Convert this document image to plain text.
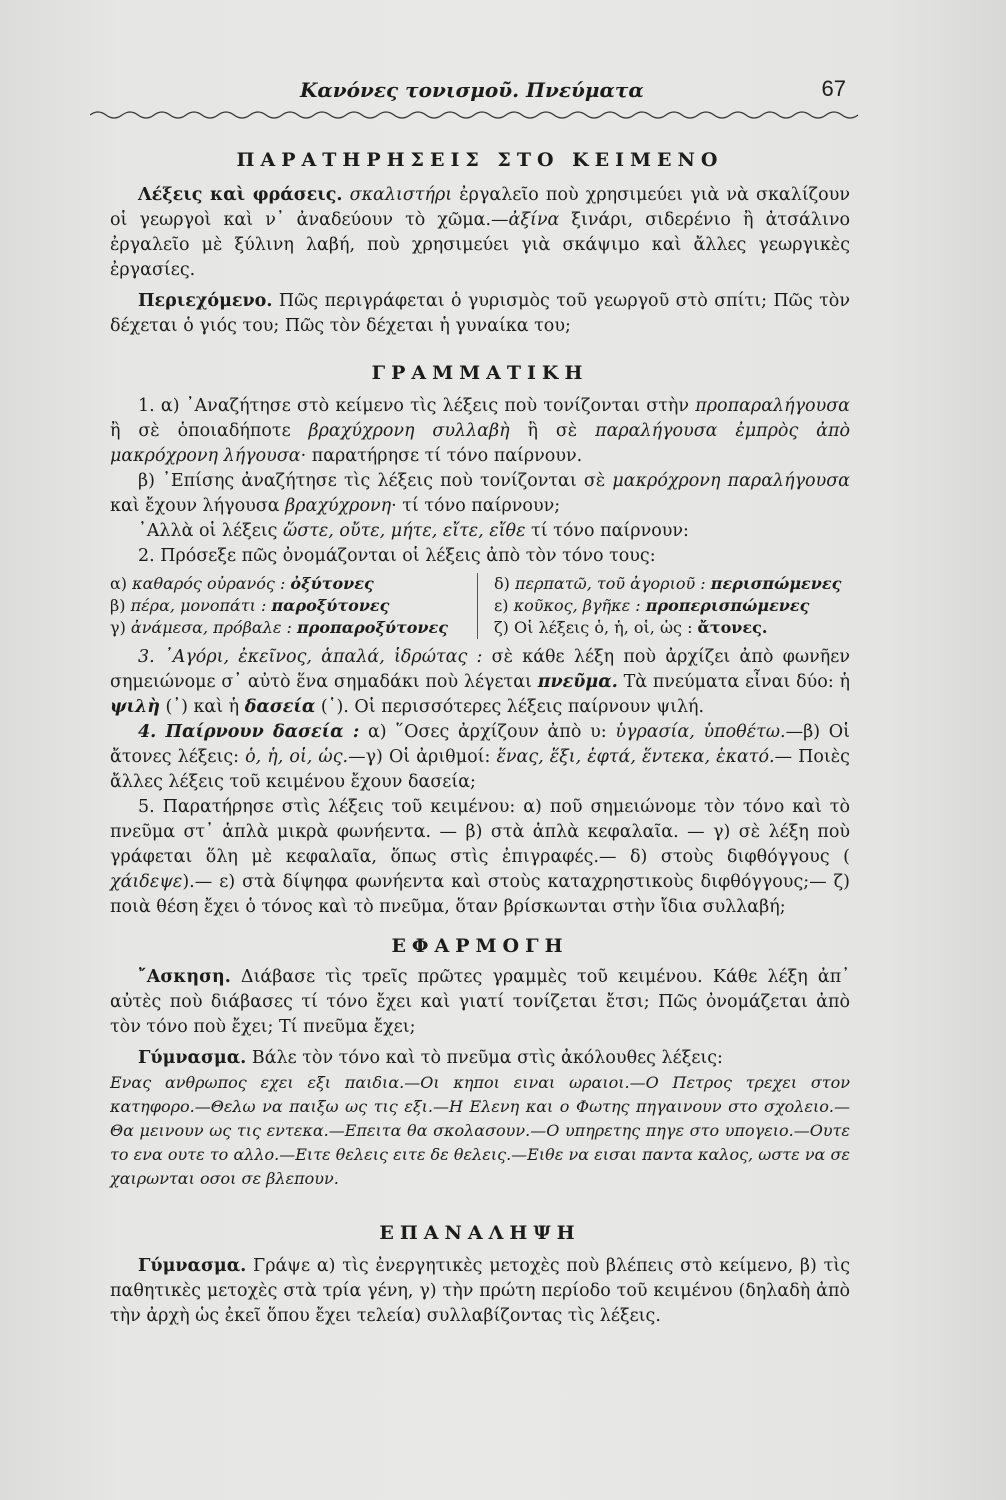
Κανόνες τονισμοῦ. Πνεύματα	67
ΠΑΡΑΤΗΡΗΣΕΙΣ ΣΤΟ ΚΕΙΜΕΝΟ

Λέξεις καὶ φράσεις. σκαλιστήρι ἐργαλεῖο ποὺ χρησιμεύει γιὰ νὰ σκαλίζουν οἱ γεωργοὶ καὶ ν᾽ ἀναδεύουν τὸ χῶμα.—ἀξίνα ξινάρι, σιδερένιο ἢ ἀτσάλινο ἐργαλεῖο μὲ ξύλινη λαβή, ποὺ χρησιμεύει γιὰ σκάψιμο καὶ ἄλλες γεωργικὲς ἐργασίες.

Περιεχόμενο. Πῶς περιγράφεται ὁ γυρισμὸς τοῦ γεωργοῦ στὸ σπίτι; Πῶς τὸν δέχεται ὁ γιός του; Πῶς τὸν δέχεται ἡ γυναίκα του;

ΓΡΑΜΜΑΤΙΚΗ

1. α) ᾽Αναζήτησε στὸ κείμενο τὶς λέξεις ποὺ τονίζονται στὴν προπαραλήγουσα ἢ σὲ ὁποιαδήποτε βραχύχρονη συλλαβὴ ἢ σὲ παραλήγουσα ἐμπρὸς ἀπὸ μακρόχρονη λήγουσα· παρατήρησε τί τόνο παίρνουν.

β) ᾽Επίσης ἀναζήτησε τὶς λέξεις ποὺ τονίζονται σὲ μακρόχρονη παραλήγουσα καὶ ἔχουν λήγουσα βραχύχρονη· τί τόνο παίρνουν;

᾽Αλλὰ οἱ λέξεις ὥστε, οὔτε, μήτε, εἴτε, εἴθε τί τόνο παίρνουν:

2. Πρόσεξε πῶς ὀνομάζονται οἱ λέξεις ἀπὸ τὸν τόνο τους:

α) καθαρός οὐρανός : ὀξύτονες
β) πέρα, μονοπάτι : παροξύτονες
γ) ἀνάμεσα, πρόβαλε : προπαροξύτονες
δ) περπατῶ, τοῦ ἀγοριοῦ : περισπώμενες
ε) κοῦκος, βγῆκε : προπερισπώμενες
ζ) Οἱ λέξεις ὁ, ἡ, οἱ, ὡς : ἄτονες.

3. ᾽Αγόρι, ἐκεῖνος, ἁπαλά, ἱδρώτας : σὲ κάθε λέξη ποὺ ἀρχίζει ἀπὸ φωνῆεν σημειώνομε σ᾽ αὐτὸ ἕνα σημαδάκι ποὺ λέγεται πνεῦμα. Τὰ πνεύματα εἶναι δύο: ἡ ψιλὴ (᾽) καὶ ἡ δασεία (῾). Οἱ περισσότερες λέξεις παίρνουν ψιλή.

4. Παίρνουν δασεία : α) ῞Οσες ἀρχίζουν ἀπὸ υ: ὑγρασία, ὑποθέτω.—β) Οἱ ἄτονες λέξεις: ὁ, ἡ, οἱ, ὡς.—γ) Οἱ ἀριθμοί: ἕνας, ἕξι, ἑφτά, ἕντεκα, ἑκατό.— Ποιὲς ἄλλες λέξεις τοῦ κειμένου ἔχουν δασεία;

5. Παρατήρησε στὶς λέξεις τοῦ κειμένου: α) ποῦ σημειώνομε τὸν τόνο καὶ τὸ πνεῦμα στ᾽ ἁπλὰ μικρὰ φωνήεντα. — β) στὰ ἁπλὰ κεφαλαῖα. — γ) σὲ λέξη ποὺ γράφεται ὅλη μὲ κεφαλαῖα, ὅπως στὶς ἐπιγραφές.— δ) στοὺς διφθόγγους ( χάιδεψε).— ε) στὰ δίψηφα φωνήεντα καὶ στοὺς καταχρηστικοὺς διφθόγγους;— ζ) ποιὰ θέση ἔχει ὁ τόνος καὶ τὸ πνεῦμα, ὅταν βρίσκωνται στὴν ἴδια συλλαβή;

ΕΦΑΡΜΟΓΗ

῎Ασκηση. Διάβασε τὶς τρεῖς πρῶτες γραμμὲς τοῦ κειμένου. Κάθε λέξη ἀπ᾽ αὐτὲς ποὺ διάβασες τί τόνο ἔχει καὶ γιατί τονίζεται ἔτσι; Πῶς ὀνομάζεται ἀπὸ τὸν τόνο ποὺ ἔχει; Τί πνεῦμα ἔχει;

Γύμνασμα. Βάλε τὸν τόνο καὶ τὸ πνεῦμα στὶς ἀκόλουθες λέξεις:

Ενας ανθρωπος εχει εξι παιδια.—Οι κηποι ειναι ωραιοι.—Ο Πετρος τρεχει στον κατηφορο.—Θελω να παιξω ως τις εξι.—Η Ελενη και ο Φωτης πηγαινουν στο σχολειο.—Θα μεινουν ως τις εντεκα.—Επειτα θα σκολασουν.—Ο υπηρετης πηγε στο υπογειο.—Ουτε το ενα ουτε το αλλο.—Ειτε θελεις ειτε δε θελεις.—Ειθε να εισαι παντα καλος, ωστε να σε χαιρωνται οσοι σε βλεπουν.

ΕΠΑΝΑΛΗΨΗ

Γύμνασμα. Γράψε α) τὶς ἐνεργητικὲς μετοχὲς ποὺ βλέπεις στὸ κείμενο, β) τὶς παθητικὲς μετοχὲς στὰ τρία γένη, γ) τὴν πρώτη περίοδο τοῦ κειμένου (δηλαδὴ ἀπὸ τὴν ἀρχὴ ὡς ἐκεῖ ὅπου ἔχει τελεία) συλλαβίζοντας τὶς λέξεις.
